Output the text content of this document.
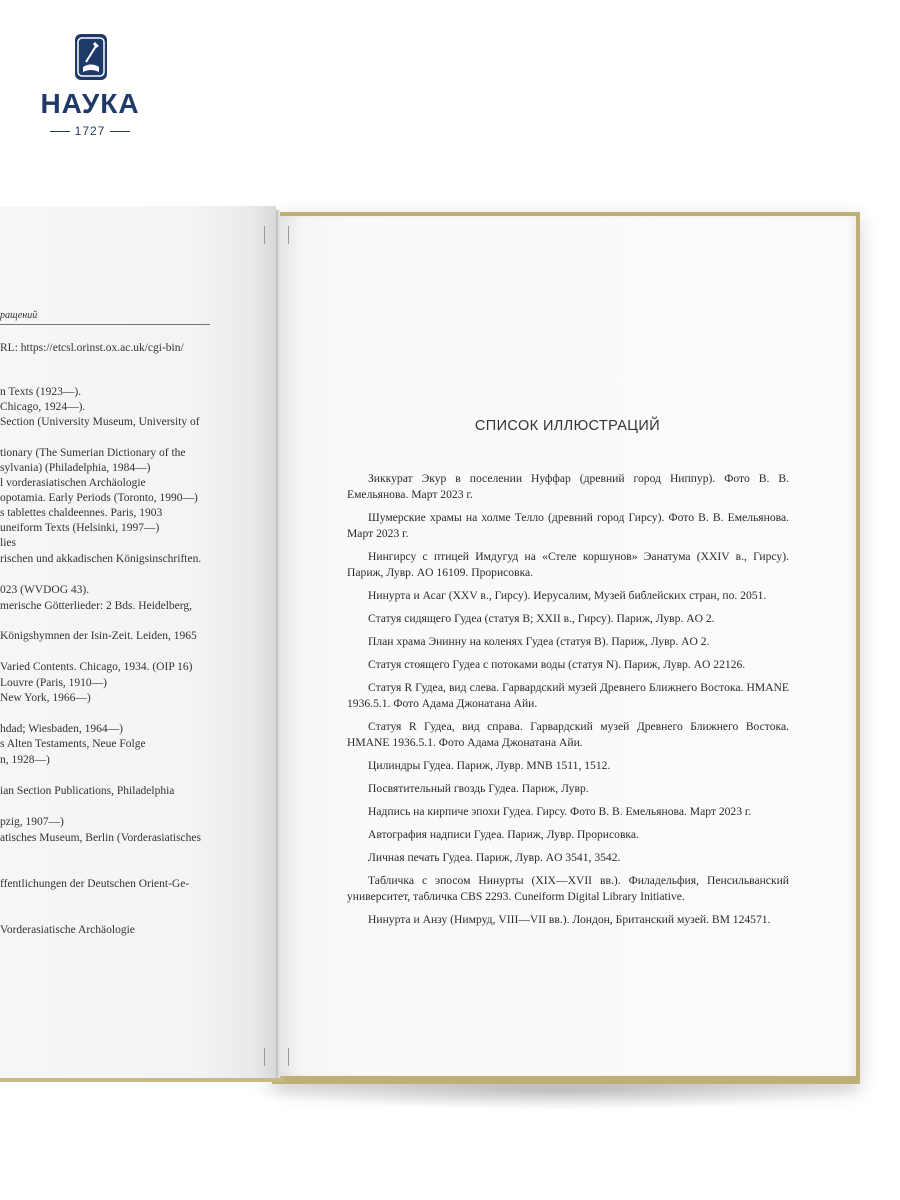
НАУКА
1727
ращений
RL: https://etcsl.orinst.ox.ac.uk/cgi-bin/
n Texts (1923—).
Chicago, 1924—).
Section (University Museum, University of
tionary (The Sumerian Dictionary of the
sylvania) (Philadelphia, 1984—)
l vorderasiatischen Archäologie
opotamia. Early Periods (Toronto, 1990—)
s tablettes chaldeennes. Paris, 1903
uneiform Texts (Helsinki, 1997—)
lies
rischen und akkadischen Königsinschriften.
023 (WVDOG 43).
merische Götterlieder: 2 Bds. Heidelberg,
Königshymnen der Isin-Zeit. Leiden, 1965
Varied Contents. Chicago, 1934. (OIP 16)
Louvre (Paris, 1910—)
New York, 1966—)
hdad; Wiesbaden, 1964—)
s Alten Testaments, Neue Folge
n, 1928—)
ian Section Publications, Philadelphia
pzig, 1907—)
atisches Museum, Berlin (Vorderasiatisches
ffentlichungen der Deutschen Orient-Ge-
Vorderasiatische Archäologie
СПИСОК ИЛЛЮСТРАЦИЙ

Зиккурат Экур в поселении Нуффар (древний город Ниппур). Фото В. В. Емельянова. Март 2023 г.

Шумерские храмы на холме Телло (древний город Гирсу). Фото В. В. Емельянова. Март 2023 г.

Нингирсу с птицей Имдугуд на «Стеле коршунов» Эанатума (XXIV в., Гирсу). Париж, Лувр. AO 16109. Прорисовка.

Нинурта и Асаг (XXV в., Гирсу). Иерусалим, Музей библейских стран, по. 2051.

Статуя сидящего Гудеа (статуя B; XXII в., Гирсу). Париж, Лувр. AO 2.

План храма Энинну на коленях Гудеа (статуя B). Париж, Лувр. AO 2.

Статуя стоящего Гудеа с потоками воды (статуя N). Париж, Лувр. AO 22126.

Статуя R Гудеа, вид слева. Гарвардский музей Древнего Ближнего Востока. HMANE 1936.5.1. Фото Адама Джонатана Айи.

Статуя R Гудеа, вид справа. Гарвардский музей Древнего Ближнего Востока. HMANE 1936.5.1. Фото Адама Джонатана Айи.

Цилиндры Гудеа. Париж, Лувр. MNB 1511, 1512.

Посвятительный гвоздь Гудеа. Париж, Лувр.

Надпись на кирпиче эпохи Гудеа. Гирсу. Фото В. В. Емельянова. Март 2023 г.

Автография надписи Гудеа. Париж, Лувр. Прорисовка.

Личная печать Гудеа. Париж, Лувр. AO 3541, 3542.

Табличка с эпосом Нинурты (XIX—XVII вв.). Филадельфия, Пенсильванский университет, табличка CBS 2293. Cuneiform Digital Library Initiative.

Нинурта и Анзу (Нимруд, VIII—VII вв.). Лондон, Британский музей. BM 124571.
